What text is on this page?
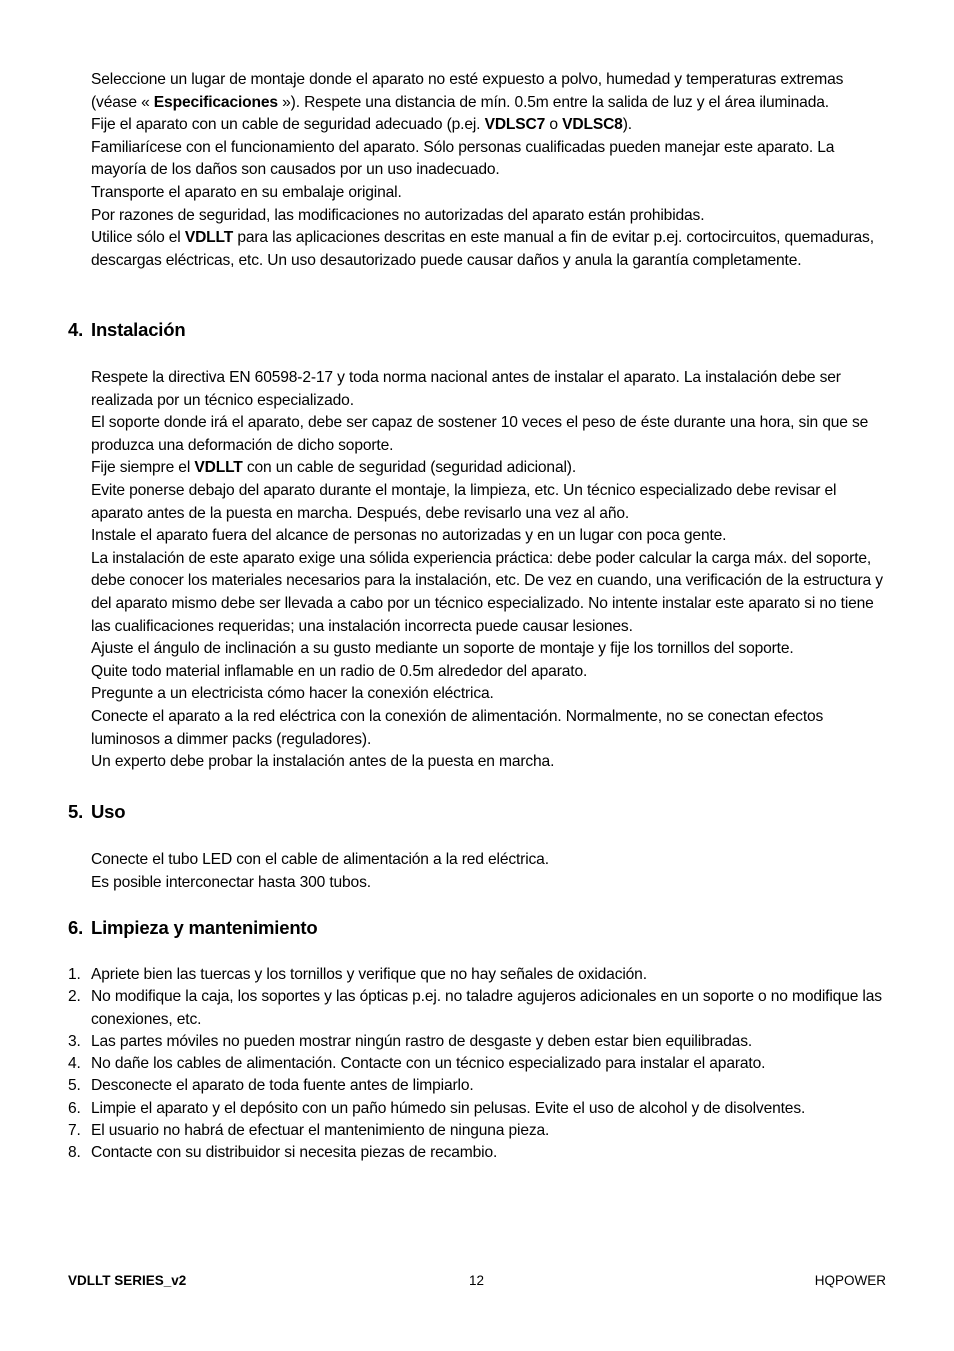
Seleccione un lugar de montaje donde el aparato no esté expuesto a polvo, humedad y temperaturas extremas (véase « Especificaciones »). Respete una distancia de mín. 0.5m entre la salida de luz y el área iluminada.

Fije el aparato con un cable de seguridad adecuado (p.ej. VDLSC7 o VDLSC8).

Familiarícese con el funcionamiento del aparato. Sólo personas cualificadas pueden manejar este aparato. La mayoría de los daños son causados por un uso inadecuado.

Transporte el aparato en su embalaje original.

Por razones de seguridad, las modificaciones no autorizadas del aparato están prohibidas.

Utilice sólo el VDLLT para las aplicaciones descritas en este manual a fin de evitar p.ej. cortocircuitos, quemaduras, descargas eléctricas, etc. Un uso desautorizado puede causar daños y anula la garantía completamente.

4. Instalación

Respete la directiva EN 60598-2-17 y toda norma nacional antes de instalar el aparato. La instalación debe ser realizada por un técnico especializado.

El soporte donde irá el aparato, debe ser capaz de sostener 10 veces el peso de éste durante una hora, sin que se produzca una deformación de dicho soporte.

Fije siempre el VDLLT con un cable de seguridad (seguridad adicional).

Evite ponerse debajo del aparato durante el montaje, la limpieza, etc. Un técnico especializado debe revisar el aparato antes de la puesta en marcha. Después, debe revisarlo una vez al año.

Instale el aparato fuera del alcance de personas no autorizadas y en un lugar con poca gente.

La instalación de este aparato exige una sólida experiencia práctica: debe poder calcular la carga máx. del soporte, debe conocer los materiales necesarios para la instalación, etc. De vez en cuando, una verificación de la estructura y del aparato mismo debe ser llevada a cabo por un técnico especializado. No intente instalar este aparato si no tiene las cualificaciones requeridas; una instalación incorrecta puede causar lesiones.

Ajuste el ángulo de inclinación a su gusto mediante un soporte de montaje y fije los tornillos del soporte.

Quite todo material inflamable en un radio de 0.5m alrededor del aparato.

Pregunte a un electricista cómo hacer la conexión eléctrica.

Conecte el aparato a la red eléctrica con la conexión de alimentación. Normalmente, no se conectan efectos luminosos a dimmer packs (reguladores).

Un experto debe probar la instalación antes de la puesta en marcha.

5. Uso

Conecte el tubo LED con el cable de alimentación a la red eléctrica.

Es posible interconectar hasta 300 tubos.

6. Limpieza y mantenimiento
1. Apriete bien las tuercas y los tornillos y verifique que no hay señales de oxidación.
2. No modifique la caja, los soportes y las ópticas p.ej. no taladre agujeros adicionales en un soporte o no modifique las conexiones, etc.
3. Las partes móviles no pueden mostrar ningún rastro de desgaste y deben estar bien equilibradas.
4. No dañe los cables de alimentación. Contacte con un técnico especializado para instalar el aparato.
5. Desconecte el aparato de toda fuente antes de limpiarlo.
6. Limpie el aparato y el depósito con un paño húmedo sin pelusas. Evite el uso de alcohol y de disolventes.
7. El usuario no habrá de efectuar el mantenimiento de ninguna pieza.
8. Contacte con su distribuidor si necesita piezas de recambio.
VDLLT SERIES_v2	12	HQPOWER
